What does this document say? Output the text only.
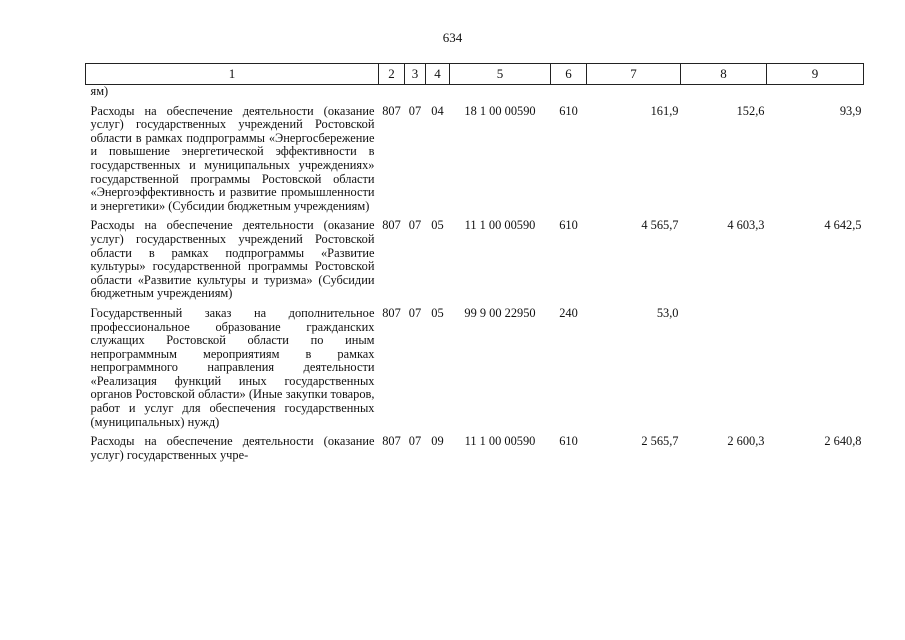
634
1	2	3	4	5	6	7	8	9
ям)								

Расходы на обеспечение деятельности (оказание услуг) государственных учреждений Ростовской области в рамках подпрограммы «Энергосбережение и повышение энергетической эффективности в государственных и муниципальных учреждениях» государственной программы Ростовской области «Энергоэффективность и развитие промышленности и энергетики» (Субсидии бюджетным учреждениям)	807	07	04	18 1 00 00590	610	161,9	152,6	93,9

Расходы на обеспечение деятельности (оказание услуг) государственных учреждений Ростовской области в рамках подпрограммы «Развитие культуры» государственной программы Ростовской области «Развитие культуры и туризма» (Субсидии бюджетным учреждениям)	807	07	05	11 1 00 00590	610	4 565,7	4 603,3	4 642,5

Государственный заказ на дополнительное профессиональное образование гражданских служащих Ростовской области по иным непрограммным мероприятиям в рамках непрограммного направления деятельности «Реализация функций иных государственных органов Ростовской области» (Иные закупки товаров, работ и услуг для обеспечения государственных (муниципальных) нужд)	807	07	05	99 9 00 22950	240	53,0		

Расходы на обеспечение деятельности (оказание услуг) государственных учре-	807	07	09	11 1 00 00590	610	2 565,7	2 600,3	2 640,8
